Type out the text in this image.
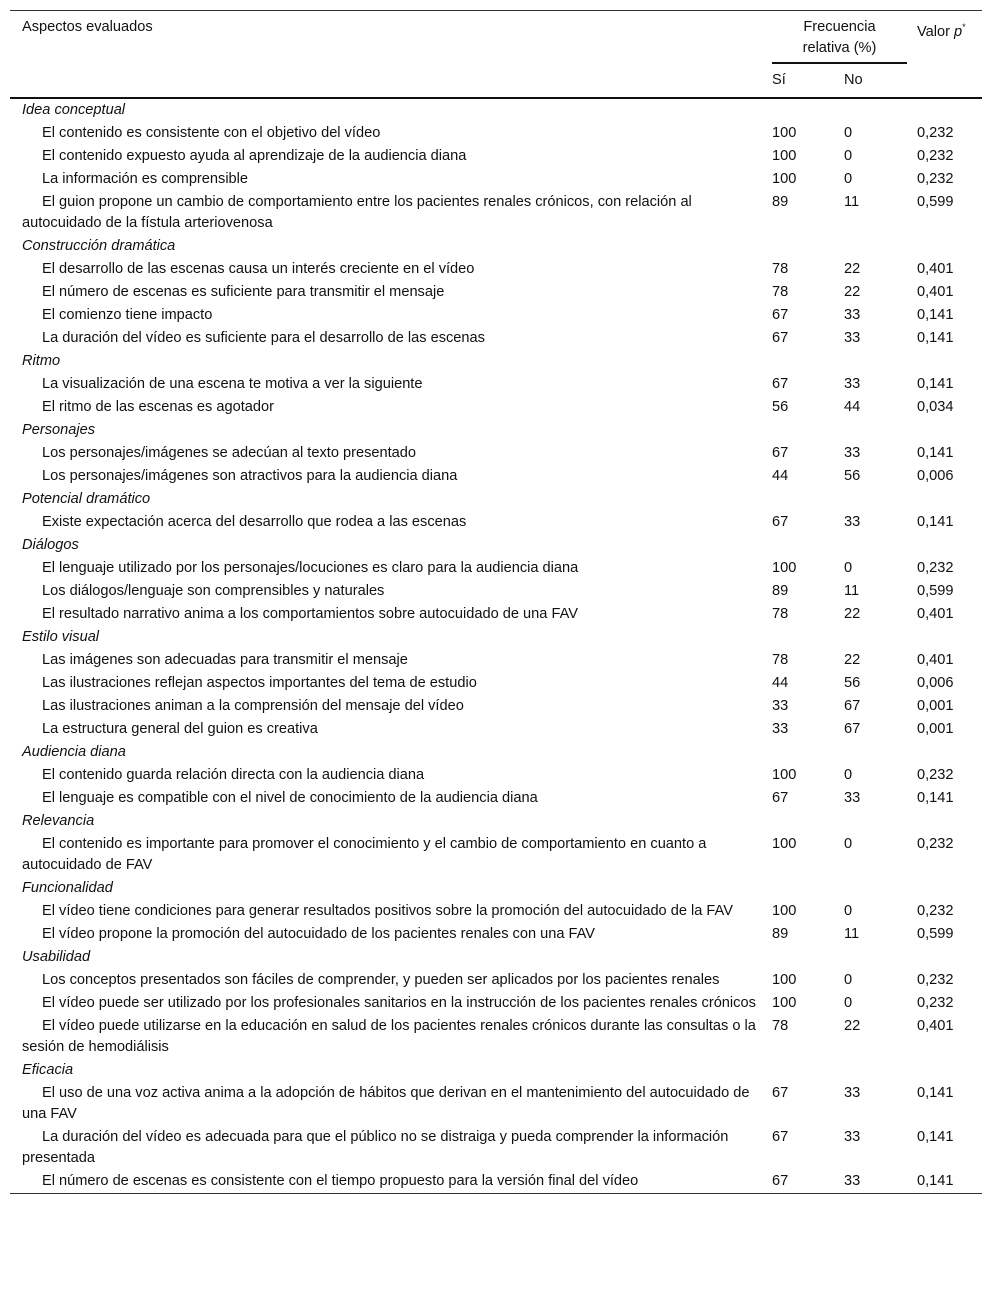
Aspectos evaluados	Frecuencia
relativa (%)		Valor p*
	Sí	No	

Idea conceptual			

El contenido es consistente con el objetivo del vídeo	100	0	0,232

El contenido expuesto ayuda al aprendizaje de la audiencia diana	100	0	0,232

La información es comprensible	100	0	0,232

El guion propone un cambio de comportamiento entre los pacientes renales crónicos, con relación al autocuidado de la fístula arteriovenosa	89	11	0,599
Construcción dramática			

El desarrollo de las escenas causa un interés creciente en el vídeo	78	22	0,401

El número de escenas es suficiente para transmitir el mensaje	78	22	0,401

El comienzo tiene impacto	67	33	0,141

La duración del vídeo es suficiente para el desarrollo de las escenas	67	33	0,141
Ritmo			

La visualización de una escena te motiva a ver la siguiente	67	33	0,141

El ritmo de las escenas es agotador	56	44	0,034
Personajes			

Los personajes/imágenes se adecúan al texto presentado	67	33	0,141

Los personajes/imágenes son atractivos para la audiencia diana	44	56	0,006
Potencial dramático			

Existe expectación acerca del desarrollo que rodea a las escenas	67	33	0,141
Diálogos			

El lenguaje utilizado por los personajes/locuciones es claro para la audiencia diana	100	0	0,232

Los diálogos/lenguaje son comprensibles y naturales	89	11	0,599

El resultado narrativo anima a los comportamientos sobre autocuidado de una FAV	78	22	0,401
Estilo visual			

Las imágenes son adecuadas para transmitir el mensaje	78	22	0,401

Las ilustraciones reflejan aspectos importantes del tema de estudio	44	56	0,006

Las ilustraciones animan a la comprensión del mensaje del vídeo	33	67	0,001

La estructura general del guion es creativa	33	67	0,001
Audiencia diana			

El contenido guarda relación directa con la audiencia diana	100	0	0,232

El lenguaje es compatible con el nivel de conocimiento de la audiencia diana	67	33	0,141
Relevancia			

El contenido es importante para promover el conocimiento y el cambio de comportamiento en cuanto a autocuidado de FAV	100	0	0,232
Funcionalidad			

El vídeo tiene condiciones para generar resultados positivos sobre la promoción del autocuidado de la FAV	100	0	0,232

El vídeo propone la promoción del autocuidado de los pacientes renales con una FAV	89	11	0,599
Usabilidad			

Los conceptos presentados son fáciles de comprender, y pueden ser aplicados por los pacientes renales	100	0	0,232

El vídeo puede ser utilizado por los profesionales sanitarios en la instrucción de los pacientes renales crónicos	100	0	0,232

El vídeo puede utilizarse en la educación en salud de los pacientes renales crónicos durante las consultas o la sesión de hemodiálisis	78	22	0,401
Eficacia			

El uso de una voz activa anima a la adopción de hábitos que derivan en el mantenimiento del autocuidado de una FAV	67	33	0,141

La duración del vídeo es adecuada para que el público no se distraiga y pueda comprender la información presentada	67	33	0,141

El número de escenas es consistente con el tiempo propuesto para la versión final del vídeo	67	33	0,141
